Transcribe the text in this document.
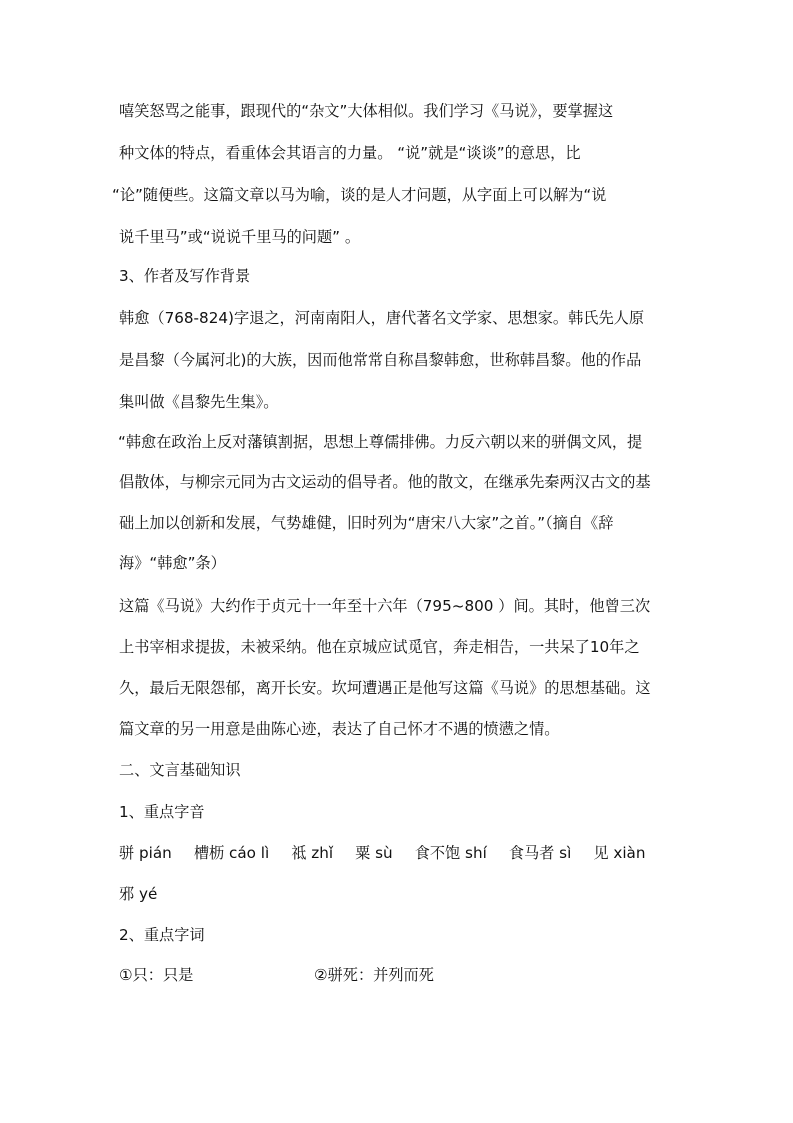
嘻笑怒骂之能事，跟现代的“杂文”大体相似。我们学习《马说》，要掌握这
种文体的特点，看重体会其语言的力量。 “说”就是“谈谈”的意思，比
“论”随便些。这篇文章以马为喻，谈的是人才问题，从字面上可以解为“说
说千里马”或“说说千里马的问题” 。
3、作者及写作背景
韩愈（768-824)字退之，河南南阳人，唐代著名文学家、思想家。韩氏先人原
是昌黎（今属河北)的大族，因而他常常自称昌黎韩愈，世称韩昌黎。他的作品
集叫做《昌黎先生集》。
“韩愈在政治上反对藩镇割据，思想上尊儒排佛。力反六朝以来的骈偶文风，提
倡散体，与柳宗元同为古文运动的倡导者。他的散文，在继承先秦两汉古文的基
础上加以创新和发展，气势雄健，旧时列为“唐宋八大家”之首。”（摘自《辞
海》“韩愈”条）
这篇《马说》大约作于贞元十一年至十六年（795~800 ）间。其时，他曾三次
上书宰相求提拔，未被采纳。他在京城应试觅官，奔走相告，一共呆了10年之
久，最后无限怨郁，离开长安。坎坷遭遇正是他写这篇《马说》的思想基础。这
篇文章的另一用意是曲陈心迹，表达了自己怀才不遇的愤懑之情。
二、文言基础知识
1、重点字音
骈 pián 槽枥 cáo lì 祗 zhǐ 粟 sù 食不饱 shí 食马者 sì 见 xiàn
邪 yé
2、重点字词
①只：只是	②骈死：并列而死
